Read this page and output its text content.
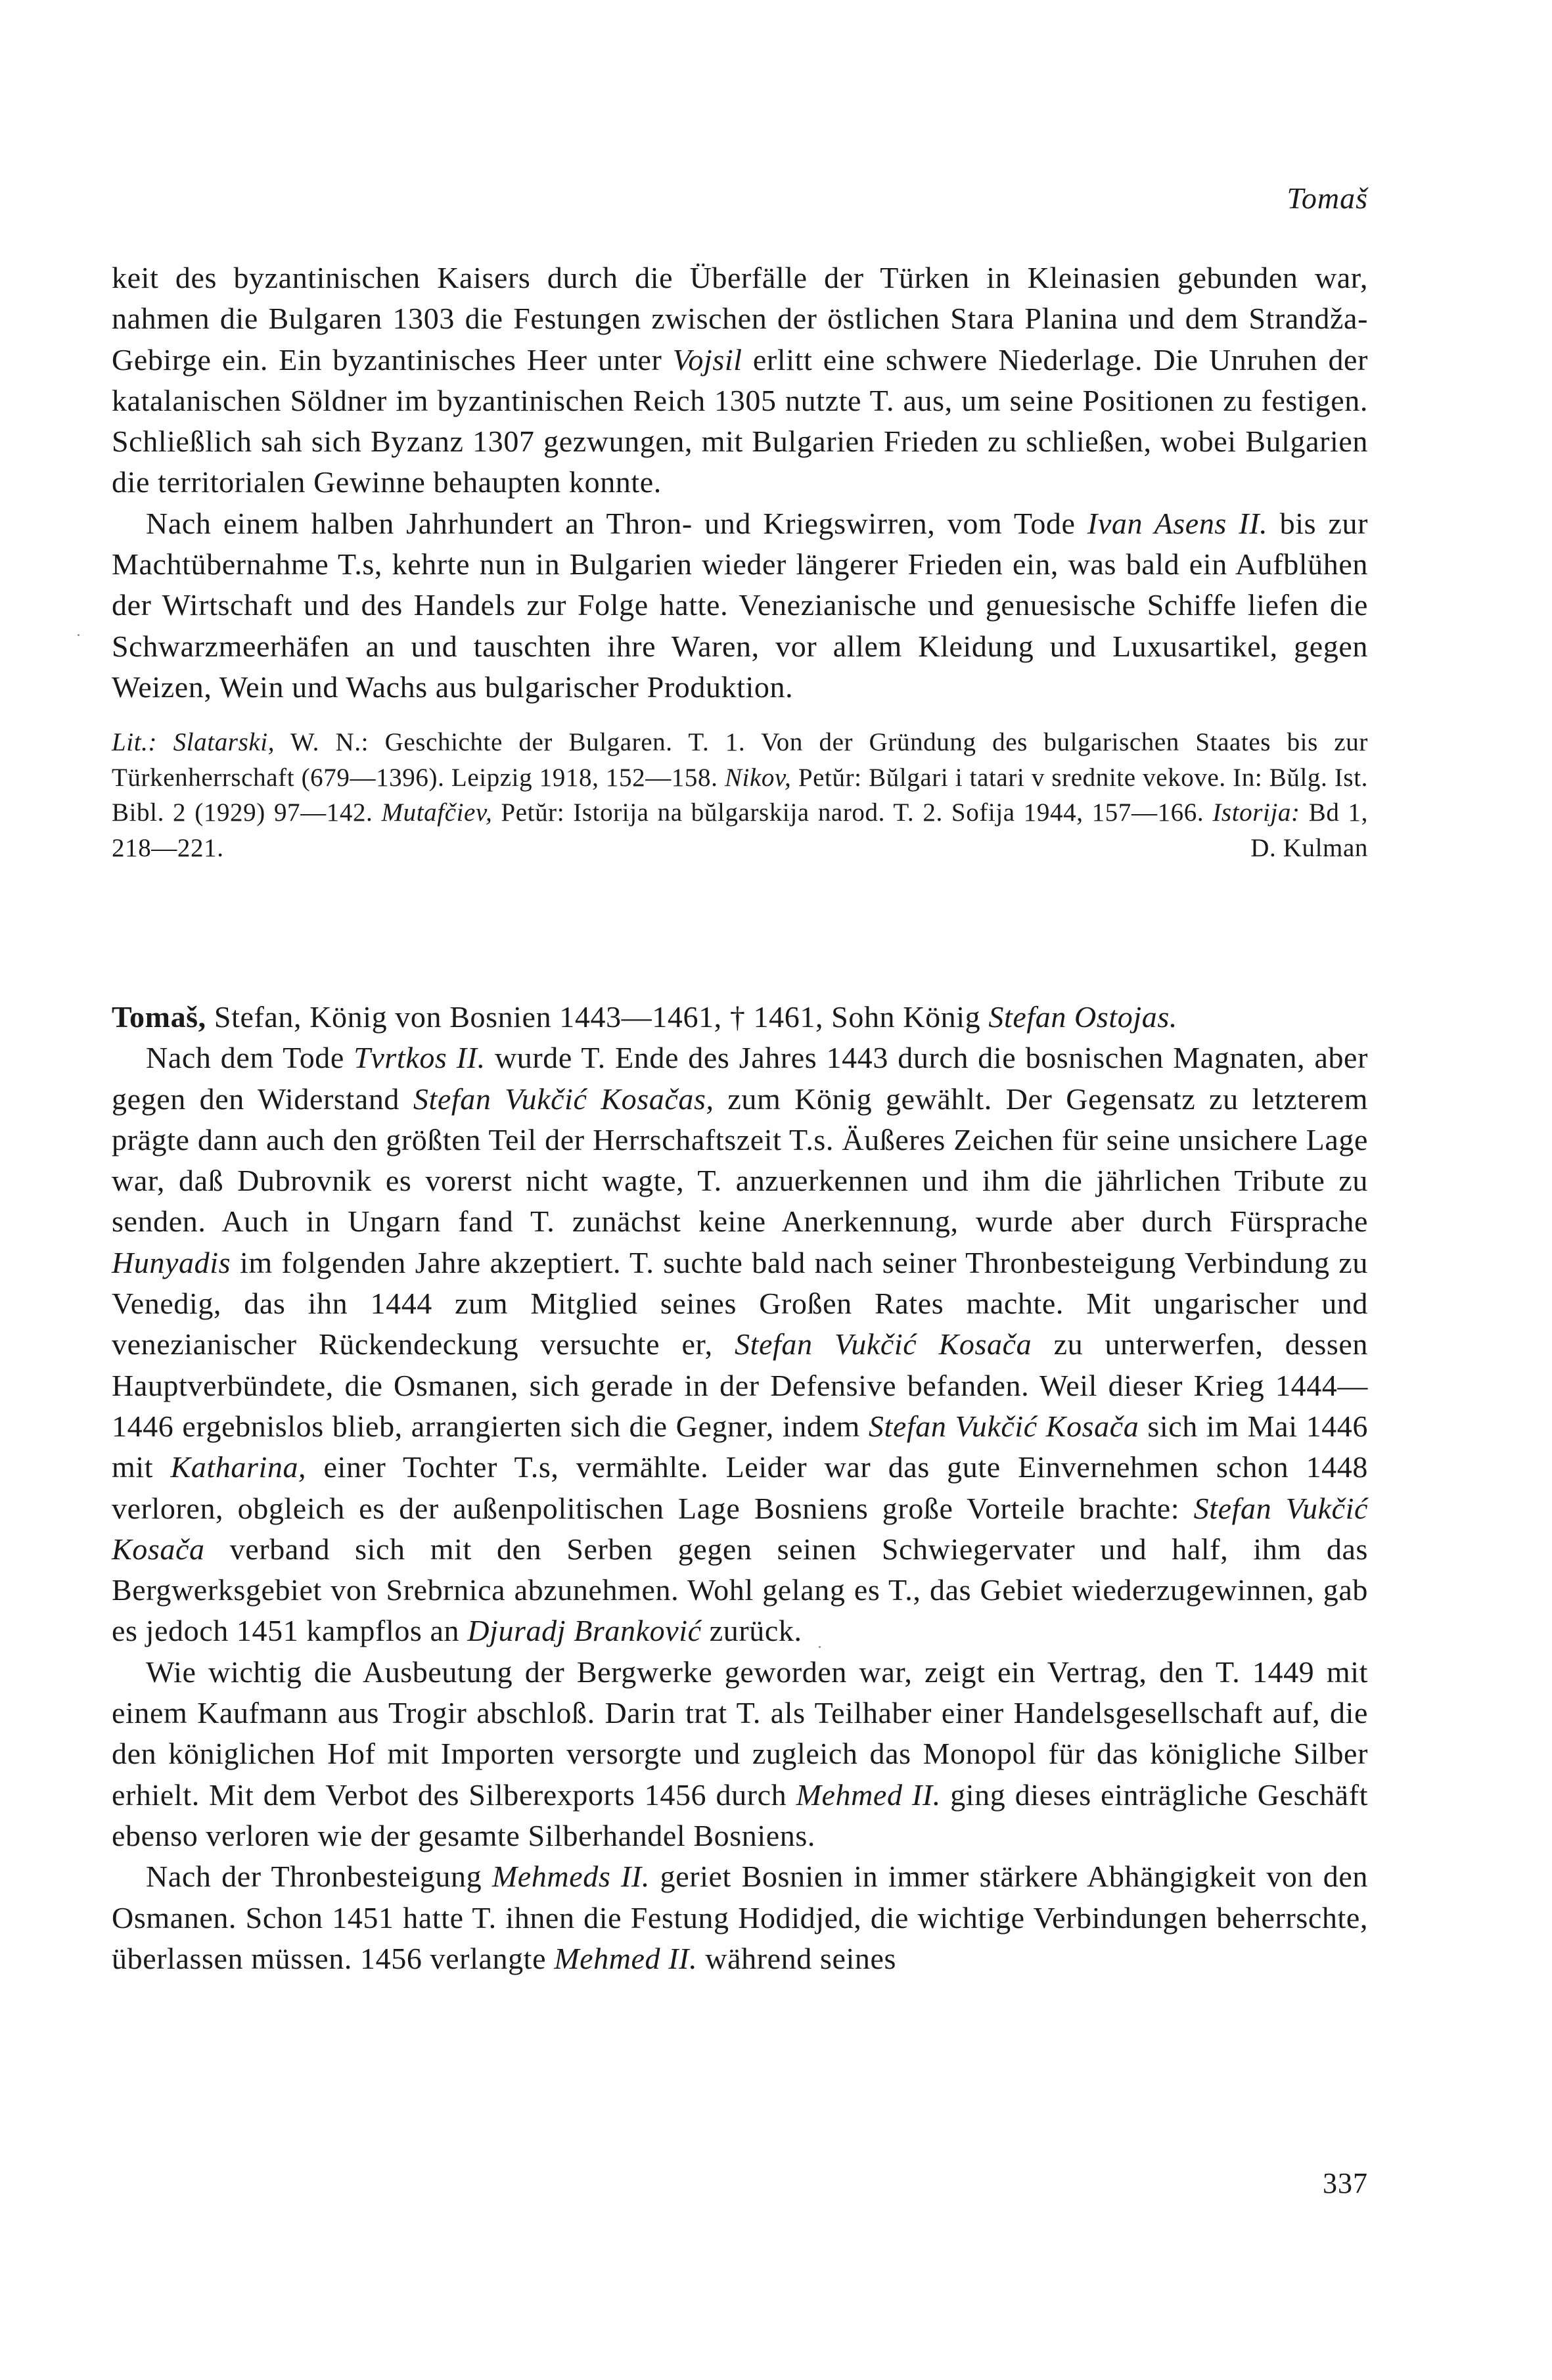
Tomaš

keit des byzantinischen Kaisers durch die Überfälle der Türken in Kleinasien gebunden war, nahmen die Bulgaren 1303 die Festungen zwischen der östlichen Stara Planina und dem Strandža-Gebirge ein. Ein byzantinisches Heer unter Vojsil erlitt eine schwere Niederlage. Die Unruhen der katalanischen Söldner im byzantinischen Reich 1305 nutzte T. aus, um seine Positionen zu festigen. Schließlich sah sich Byzanz 1307 gezwungen, mit Bulgarien Frieden zu schließen, wobei Bulgarien die territorialen Gewinne behaupten konnte.

Nach einem halben Jahrhundert an Thron- und Kriegswirren, vom Tode Ivan Asens II. bis zur Machtübernahme T.s, kehrte nun in Bulgarien wieder längerer Frieden ein, was bald ein Aufblühen der Wirtschaft und des Handels zur Folge hatte. Venezianische und genuesische Schiffe liefen die Schwarzmeerhäfen an und tauschten ihre Waren, vor allem Kleidung und Luxusartikel, gegen Weizen, Wein und Wachs aus bulgarischer Produktion.

Lit.: Slatarski, W. N.: Geschichte der Bulgaren. T. 1. Von der Gründung des bulgarischen Staates bis zur Türkenherrschaft (679—1396). Leipzig 1918, 152—158. Nikov, Petŭr: Bŭlgari i tatari v srednite vekove. In: Bŭlg. Ist. Bibl. 2 (1929) 97—142. Mutafčiev, Petŭr: Istorija na bŭlgarskija narod. T. 2. Sofija 1944, 157—166. Istorija: Bd 1, 218—221.	D. Kulman

Tomaš, Stefan, König von Bosnien 1443—1461, † 1461, Sohn König Stefan Ostojas.

Nach dem Tode Tvrtkos II. wurde T. Ende des Jahres 1443 durch die bosnischen Magnaten, aber gegen den Widerstand Stefan Vukčić Kosačas, zum König gewählt. Der Gegensatz zu letzterem prägte dann auch den größten Teil der Herrschaftszeit T.s. Äußeres Zeichen für seine unsichere Lage war, daß Dubrovnik es vorerst nicht wagte, T. anzuerkennen und ihm die jährlichen Tribute zu senden. Auch in Ungarn fand T. zunächst keine Anerkennung, wurde aber durch Fürsprache Hunyadis im folgenden Jahre akzeptiert. T. suchte bald nach seiner Thronbesteigung Verbindung zu Venedig, das ihn 1444 zum Mitglied seines Großen Rates machte. Mit ungarischer und venezianischer Rückendeckung versuchte er, Stefan Vukčić Kosača zu unterwerfen, dessen Hauptverbündete, die Osmanen, sich gerade in der Defensive befanden. Weil dieser Krieg 1444—1446 ergebnislos blieb, arrangierten sich die Gegner, indem Stefan Vukčić Kosača sich im Mai 1446 mit Katharina, einer Tochter T.s, vermählte. Leider war das gute Einvernehmen schon 1448 verloren, obgleich es der außenpolitischen Lage Bosniens große Vorteile brachte: Stefan Vukčić Kosača verband sich mit den Serben gegen seinen Schwiegervater und half, ihm das Bergwerksgebiet von Srebrnica abzunehmen. Wohl gelang es T., das Gebiet wiederzugewinnen, gab es jedoch 1451 kampflos an Djuradj Branković zurück.

Wie wichtig die Ausbeutung der Bergwerke geworden war, zeigt ein Vertrag, den T. 1449 mit einem Kaufmann aus Trogir abschloß. Darin trat T. als Teilhaber einer Handelsgesellschaft auf, die den königlichen Hof mit Importen versorgte und zugleich das Monopol für das königliche Silber erhielt. Mit dem Verbot des Silberexports 1456 durch Mehmed II. ging dieses einträgliche Geschäft ebenso verloren wie der gesamte Silberhandel Bosniens.

Nach der Thronbesteigung Mehmeds II. geriet Bosnien in immer stärkere Abhängigkeit von den Osmanen. Schon 1451 hatte T. ihnen die Festung Hodidjed, die wichtige Verbindungen beherrschte, überlassen müssen. 1456 verlangte Mehmed II. während seines

337
